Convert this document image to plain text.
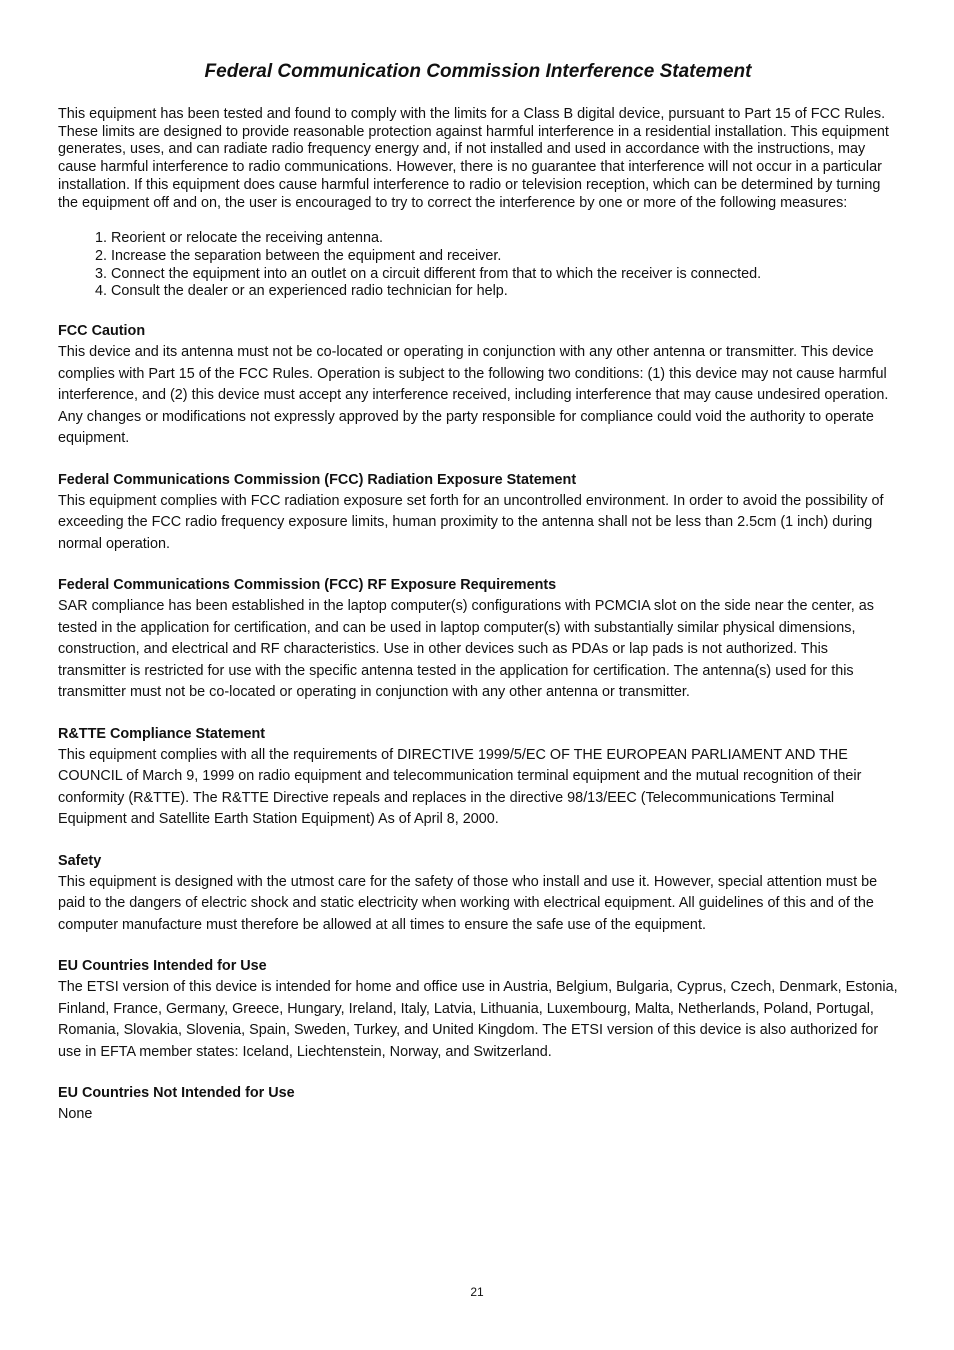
Federal Communication Commission Interference Statement

This equipment has been tested and found to comply with the limits for a Class B digital device, pursuant to Part 15 of FCC Rules. These limits are designed to provide reasonable protection against harmful interference in a residential installation. This equipment generates, uses, and can radiate radio frequency energy and, if not installed and used in accordance with the instructions, may cause harmful interference to radio communications. However, there is no guarantee that interference will not occur in a particular installation. If this equipment does cause harmful interference to radio or television reception, which can be determined by turning the equipment off and on, the user is encouraged to try to correct the interference by one or more of the following measures:

1. Reorient or relocate the receiving antenna.
2. Increase the separation between the equipment and receiver.
3. Connect the equipment into an outlet on a circuit different from that to which the receiver is connected.
4. Consult the dealer or an experienced radio technician for help.
FCC Caution

This device and its antenna must not be co-located or operating in conjunction with any other antenna or transmitter. This device complies with Part 15 of the FCC Rules. Operation is subject to the following two conditions: (1) this device may not cause harmful interference, and (2) this device must accept any interference received, including interference that may cause undesired operation. Any changes or modifications not expressly approved by the party responsible for compliance could void the authority to operate equipment.

Federal Communications Commission (FCC) Radiation Exposure Statement

This equipment complies with FCC radiation exposure set forth for an uncontrolled environment. In order to avoid the possibility of exceeding the FCC radio frequency exposure limits, human proximity to the antenna shall not be less than 2.5cm (1 inch) during normal operation.

Federal Communications Commission (FCC) RF Exposure Requirements

SAR compliance has been established in the laptop computer(s) configurations with PCMCIA slot on the side near the center, as tested in the application for certification, and can be used in laptop computer(s) with substantially similar physical dimensions, construction, and electrical and RF characteristics. Use in other devices such as PDAs or lap pads is not authorized. This transmitter is restricted for use with the specific antenna tested in the application for certification. The antenna(s) used for this transmitter must not be co-located or operating in conjunction with any other antenna or transmitter.

R&TTE Compliance Statement

This equipment complies with all the requirements of DIRECTIVE 1999/5/EC OF THE EUROPEAN PARLIAMENT AND THE COUNCIL of March 9, 1999 on radio equipment and telecommunication terminal equipment and the mutual recognition of their conformity (R&TTE). The R&TTE Directive repeals and replaces in the directive 98/13/EEC (Telecommunications Terminal Equipment and Satellite Earth Station Equipment) As of April 8, 2000.

Safety

This equipment is designed with the utmost care for the safety of those who install and use it. However, special attention must be paid to the dangers of electric shock and static electricity when working with electrical equipment. All guidelines of this and of the computer manufacture must therefore be allowed at all times to ensure the safe use of the equipment.

EU Countries Intended for Use

The ETSI version of this device is intended for home and office use in Austria, Belgium, Bulgaria, Cyprus, Czech, Denmark, Estonia, Finland, France, Germany, Greece, Hungary, Ireland, Italy, Latvia, Lithuania, Luxembourg, Malta, Netherlands, Poland, Portugal, Romania, Slovakia, Slovenia, Spain, Sweden, Turkey, and United Kingdom. The ETSI version of this device is also authorized for use in EFTA member states: Iceland, Liechtenstein, Norway, and Switzerland.

EU Countries Not Intended for Use

None

21
